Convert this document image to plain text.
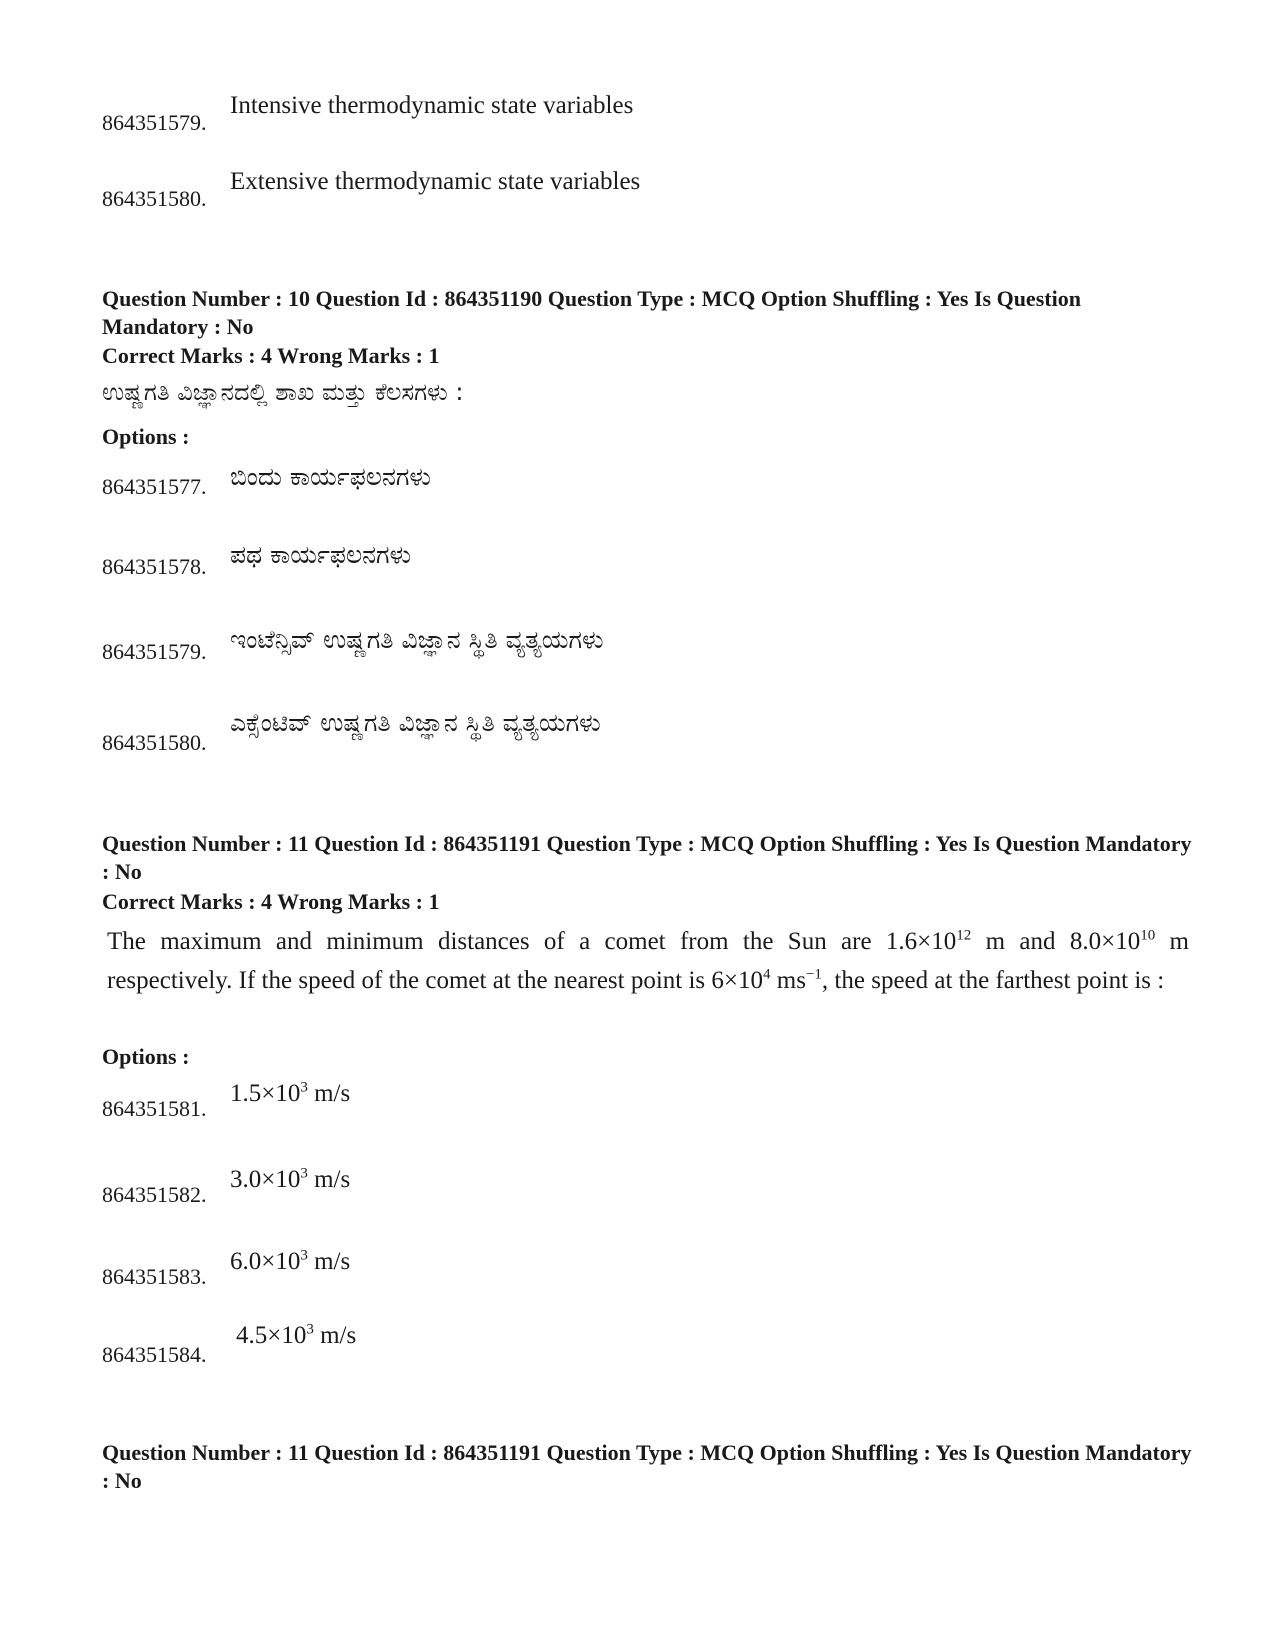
864351579.
Intensive thermodynamic state variables
864351580.
Extensive thermodynamic state variables
Question Number : 10 Question Id : 864351190 Question Type : MCQ Option Shuffling : Yes Is Question Mandatory : No
Correct Marks : 4 Wrong Marks : 1
ಉಷ್ಣಗತಿ ವಿಜ್ಞಾನದಲ್ಲಿ ಶಾಖ ಮತ್ತು ಕೆಲಸಗಳು :
Options :
864351577. ಬಿಂದು ಕಾರ್ಯಫಲನಗಳು
864351578. ಪಥ ಕಾರ್ಯಫಲನಗಳು
864351579. ಇಂಟೆನ್ಸಿವ್ ಉಷ್ಣಗತಿ ವಿಜ್ಞಾನ ಸ್ಥಿತಿ ವ್ಯತ್ಯಯಗಳು
864351580.
ಎಕ್ಸೆಂಟಿವ್ ಉಷ್ಣಗತಿ ವಿಜ್ಞಾನ ಸ್ಥಿತಿ ವ್ಯತ್ಯಯಗಳು
Question Number : 11 Question Id : 864351191 Question Type : MCQ Option Shuffling : Yes Is Question Mandatory : No
Correct Marks : 4 Wrong Marks : 1
The maximum and minimum distances of a comet from the Sun are $1.6\times 10^{12}$ m and $8.0\times 10^{10}$ m respectively. If the speed of the comet at the nearest point is $6\times 10^4$ $ms^{-1}$, the speed at the farthest point is :
Options :
864351581.
$1.5\times 10^3$ m/s
864351582.
$3.0\times 10^3$ m/s
864351583.
$6.0\times 10^3$ m/s
864351584.
$4.5\times 10^3$ m/s
Question Number : 11 Question Id : 864351191 Question Type : MCQ Option Shuffling : Yes Is Question Mandatory : No
